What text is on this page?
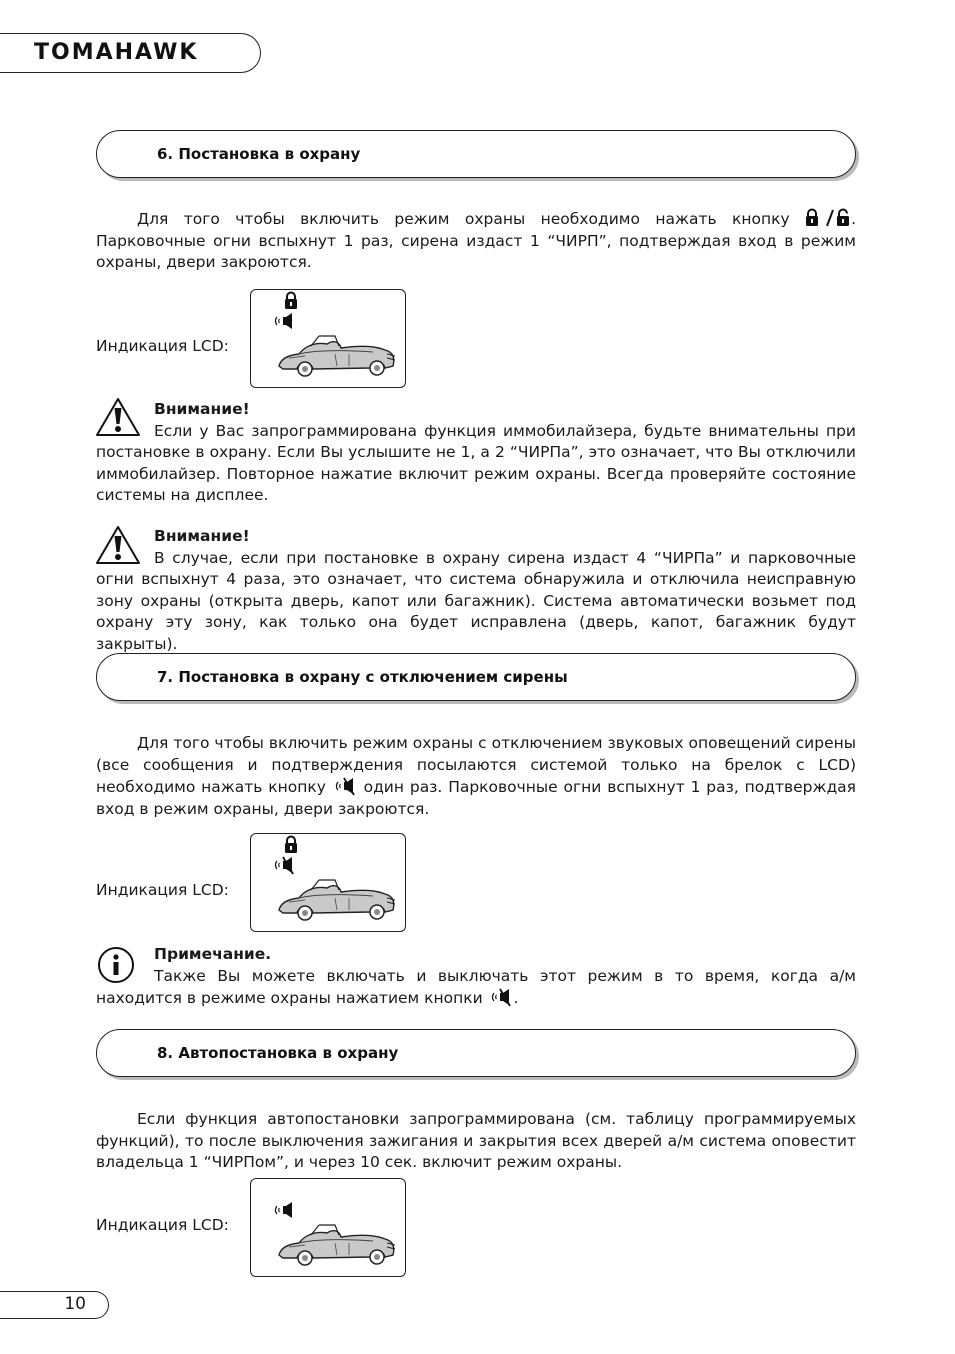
TOMAHAWK
6. Постановка в охрану

Для того чтобы включить режим охраны необходимо нажать кнопку	. Парковочные огни вспыхнут 1 раз, сирена издаст 1 “ЧИРП”, подтверждая вход в режим охраны, двери закроются.

Индикация LCD:
Внимание!
Если у Вас запрограммирована функция иммобилайзера, будьте внимательны при постановке в охрану. Если Вы услышите не 1, а 2 “ЧИРПа”, это означает, что Вы отключили иммобилайзер. Повторное нажатие включит режим охраны. Всегда проверяйте состояние системы на дисплее.
Внимание!
В случае, если при постановке в охрану сирена издаст 4 “ЧИРПа” и парковочные огни вспыхнут 4 раза, это означает, что система обнаружила и отключила неисправную зону охраны (открыта дверь, капот или багажник). Система автоматически возьмет под охрану эту зону, как только она будет исправлена (дверь, капот, багажник будут закрыты).
7. Постановка в охрану с отключением сирены

Для того чтобы включить режим охраны с отключением звуковых оповещений сирены (все сообщения и подтверждения посылаются системой только на брелок с LCD) необходимо нажать кнопку один раз. Парковочные огни вспыхнут 1 раз, подтверждая вход в режим охраны, двери закроются.

Индикация LCD:
Примечание.
Также Вы можете включать и выключать этот режим в то время, когда а/м находится в режиме охраны нажатием кнопки .
8. Автопостановка в охрану

Если функция автопостановки запрограммирована (см. таблицу программируемых функций), то после выключения зажигания и закрытия всех дверей а/м система оповестит владельца 1 “ЧИРПом”, и через 10 сек. включит режим охраны.

Индикация LCD:
10
